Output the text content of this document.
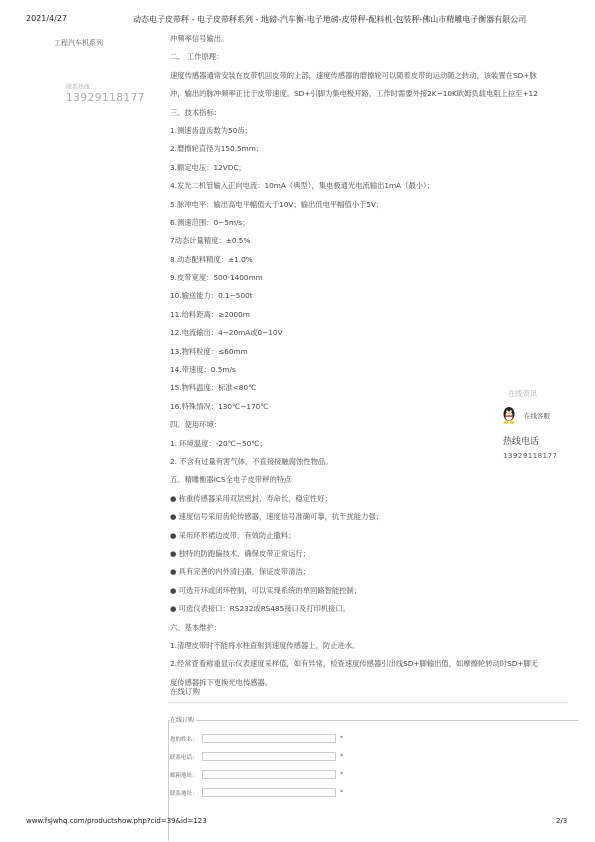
2021/4/27	动态电子皮带秤 - 电子皮带秤系列 - 地磅-汽车衡-电子地磅-皮带秤-配料机-包装秤-佛山市精雕电子衡器有限公司
工程汽车机系列
联系热线：
13929118177
冲频率信号输出。
二、 工作原理：
速度传感器通常安装在皮带机回皮带的上部，速度传感器的磨擦轮可以随着皮带的运动随之转动，该装置在SD+脉
冲，输出的脉冲频率正比于皮带速度。SD+引脚为集电极开路，工作时需要外接2K~10K欧姆负载电阻上拉至+12
三、技术指标：
1.测速齿盘齿数为50齿；
2.磨擦轮直径为150.5mm；
3.额定电压：12VDC；
4.发光二机管输入正向电流：10mA（典型），集电极通光电流输出1mA（最小）；
5.脉冲电平：输出高电平幅值大于10V；输出低电平幅值小于5V；
6.测速范围：0~5m/s；
7动态计量精度：±0.5%
8.动态配料精度：±1.0%
9.皮带宽度：500-1400mm
10.输送能力：0.1~500t
11.给料距离：≥2000m
12.电流输出：4~20mA或0~10V
13.物料粒度：≤60mm
14.带速度：0.5m/s
15.物料温度：标准<80℃
16.特殊情况：130℃~170℃
四、使用环境：
1. 环境温度：-20℃~50℃；
2. 不含有过量有害气体，不直接接触腐蚀性物品。
五、精雕衡器ICS全电子皮带秤的特点
● 称重传感器采用双层密封，寿命长，稳定性好；
● 速度信号采用齿轮传感器，速度信号准确可靠，抗干扰能力强；
● 采用环形裙边皮带，有效防止撒料；
● 独特的防跑偏技术，确保皮带正常运行；
● 具有完善的内外清扫器，保证皮带清洁；
● 可选开环或闭环控制，可以实现系统的单回路智能控制；
● 可选仪表接口：RS232或RS485接口及打印机接口。
六、基本维护：
1.清理皮带时不能将水柱直射到速度传感器上，防止进水。
2.经常查看称重显示仪表速度采样值，如有异常，检查速度传感器引出线SD+脚输出值，如摩擦轮转动时SD+脚无
度传感器拆下更换光电传感器。
在线资讯
在线客服
热线电话
13929118177
在线订购
在线订购
您的姓名：	*
联系电话：	*
邮箱地址：	*
联系地址：	*
www.fsjwhq.com/productshow.php?cid=39&id=123	2/3
